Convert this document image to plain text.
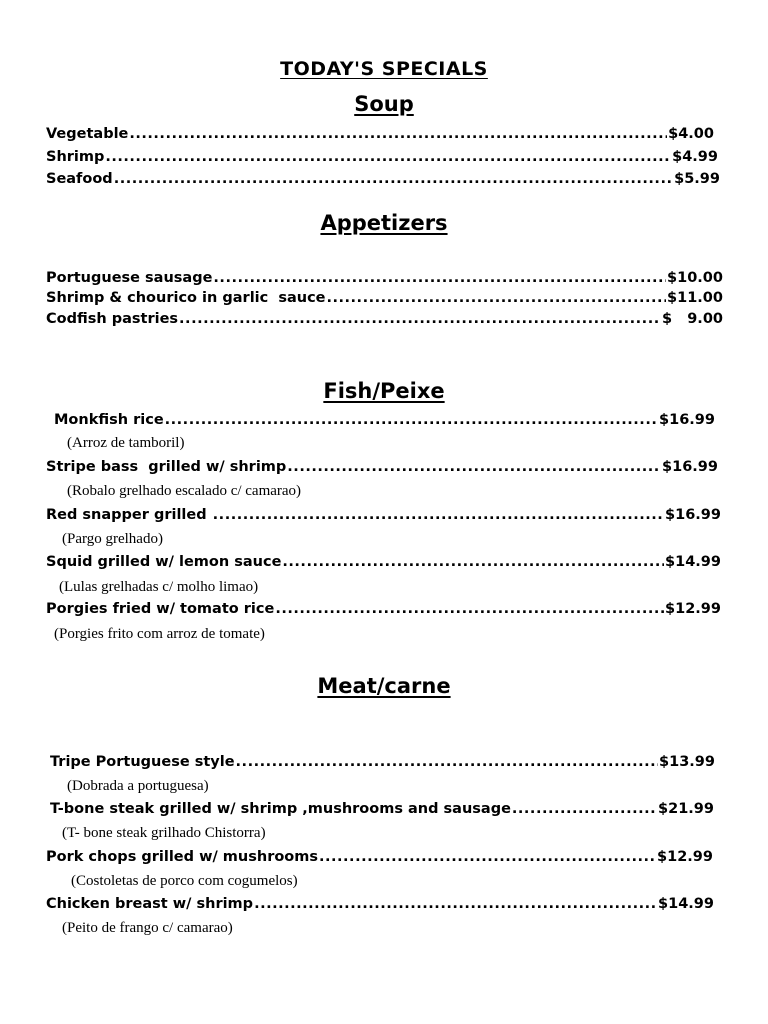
TODAY'S SPECIALS
Soup
Vegetable .....	$4.00
Shrimp .....	$4.99
Seafood .....	$5.99
Appetizers
Portuguese sausage .....	$10.00
Shrimp & chourico in garlic  sauce .....	$11.00
Codfish pastries .....	$   9.00
Fish/Peixe
Monkfish rice .....	$16.99
(Arroz de tamboril)
Stripe bass  grilled w/ shrimp .....	$16.99
(Robalo grelhado escalado c/ camarao)
Red snapper grilled .....	$16.99
(Pargo grelhado)
Squid grilled w/ lemon sauce .....	$14.99
(Lulas grelhadas c/ molho limao)
Porgies fried w/ tomato rice .....	$12.99
(Porgies frito com arroz de tomate)
Meat/carne
Tripe Portuguese style .....	$13.99
(Dobrada a portuguesa)
T-bone steak grilled w/ shrimp ,mushrooms and sausage .....	$21.99
(T- bone steak grilhado Chistorra)
Pork chops grilled w/ mushrooms .....	$12.99
(Costoletas de porco com cogumelos)
Chicken breast w/ shrimp .....	$14.99
(Peito de frango c/ camarao)
